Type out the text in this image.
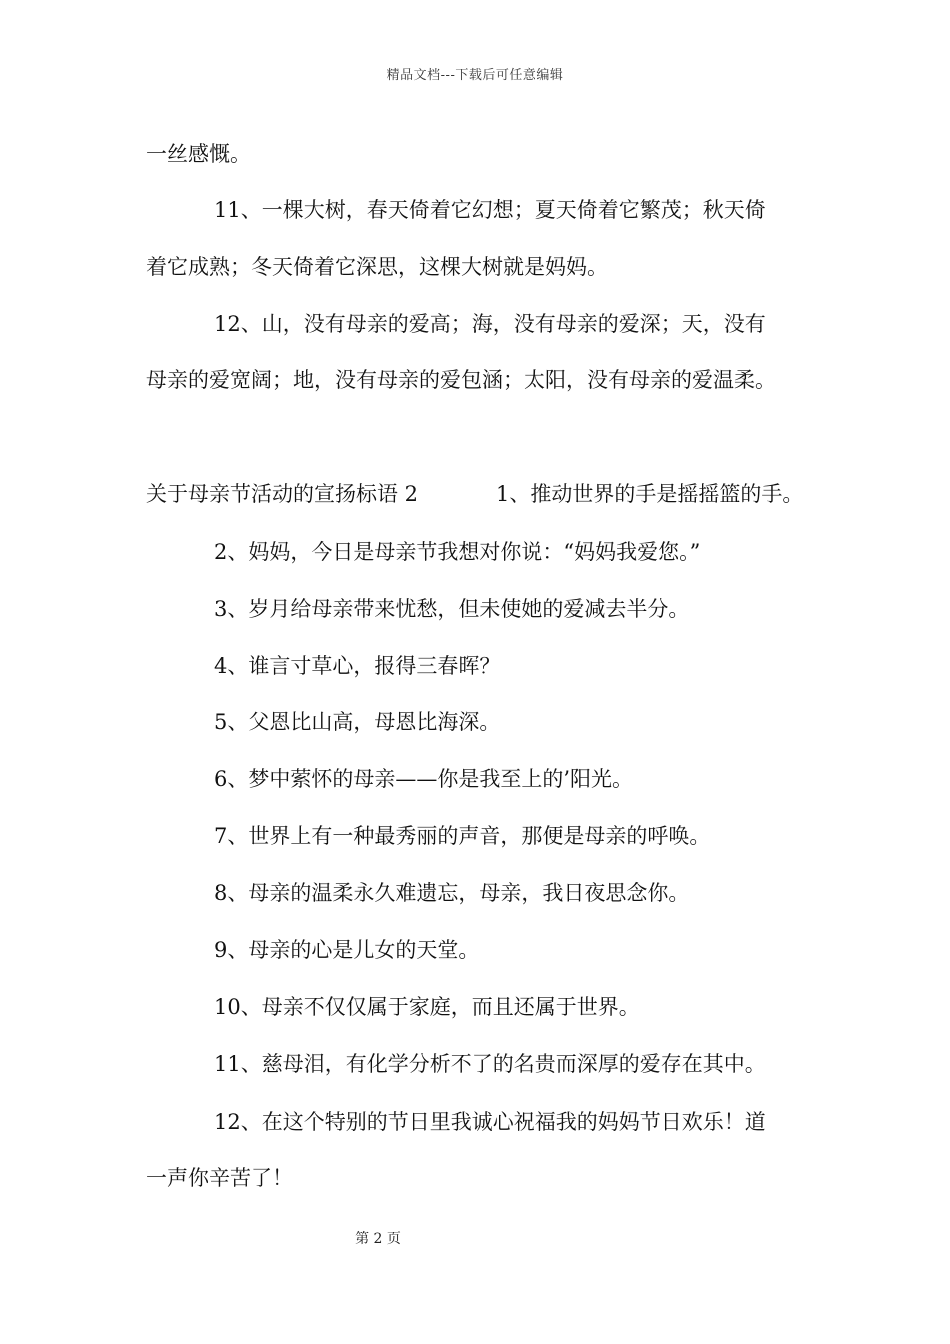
精品文档---下载后可任意编辑
一丝感慨。
11、一棵大树，春天倚着它幻想；夏天倚着它繁茂；秋天倚
着它成熟；冬天倚着它深思，这棵大树就是妈妈。
12、山，没有母亲的爱高；海，没有母亲的爱深；天，没有
母亲的爱宽阔；地，没有母亲的爱包涵；太阳，没有母亲的爱温柔。
关于母亲节活动的宣扬标语 2	1、推动世界的手是摇摇篮的手。
2、妈妈，今日是母亲节我想对你说：“妈妈我爱您。”
3、岁月给母亲带来忧愁，但未使她的爱减去半分。
4、谁言寸草心，报得三春晖？
5、父恩比山高，母恩比海深。
6、梦中萦怀的母亲——你是我至上的’阳光。
7、世界上有一种最秀丽的声音，那便是母亲的呼唤。
8、母亲的温柔永久难遗忘，母亲，我日夜思念你。
9、母亲的心是儿女的天堂。
10、母亲不仅仅属于家庭，而且还属于世界。
11、慈母泪，有化学分析不了的名贵而深厚的爱存在其中。
12、在这个特别的节日里我诚心祝福我的妈妈节日欢乐！道
一声你辛苦了！
第 2 页
